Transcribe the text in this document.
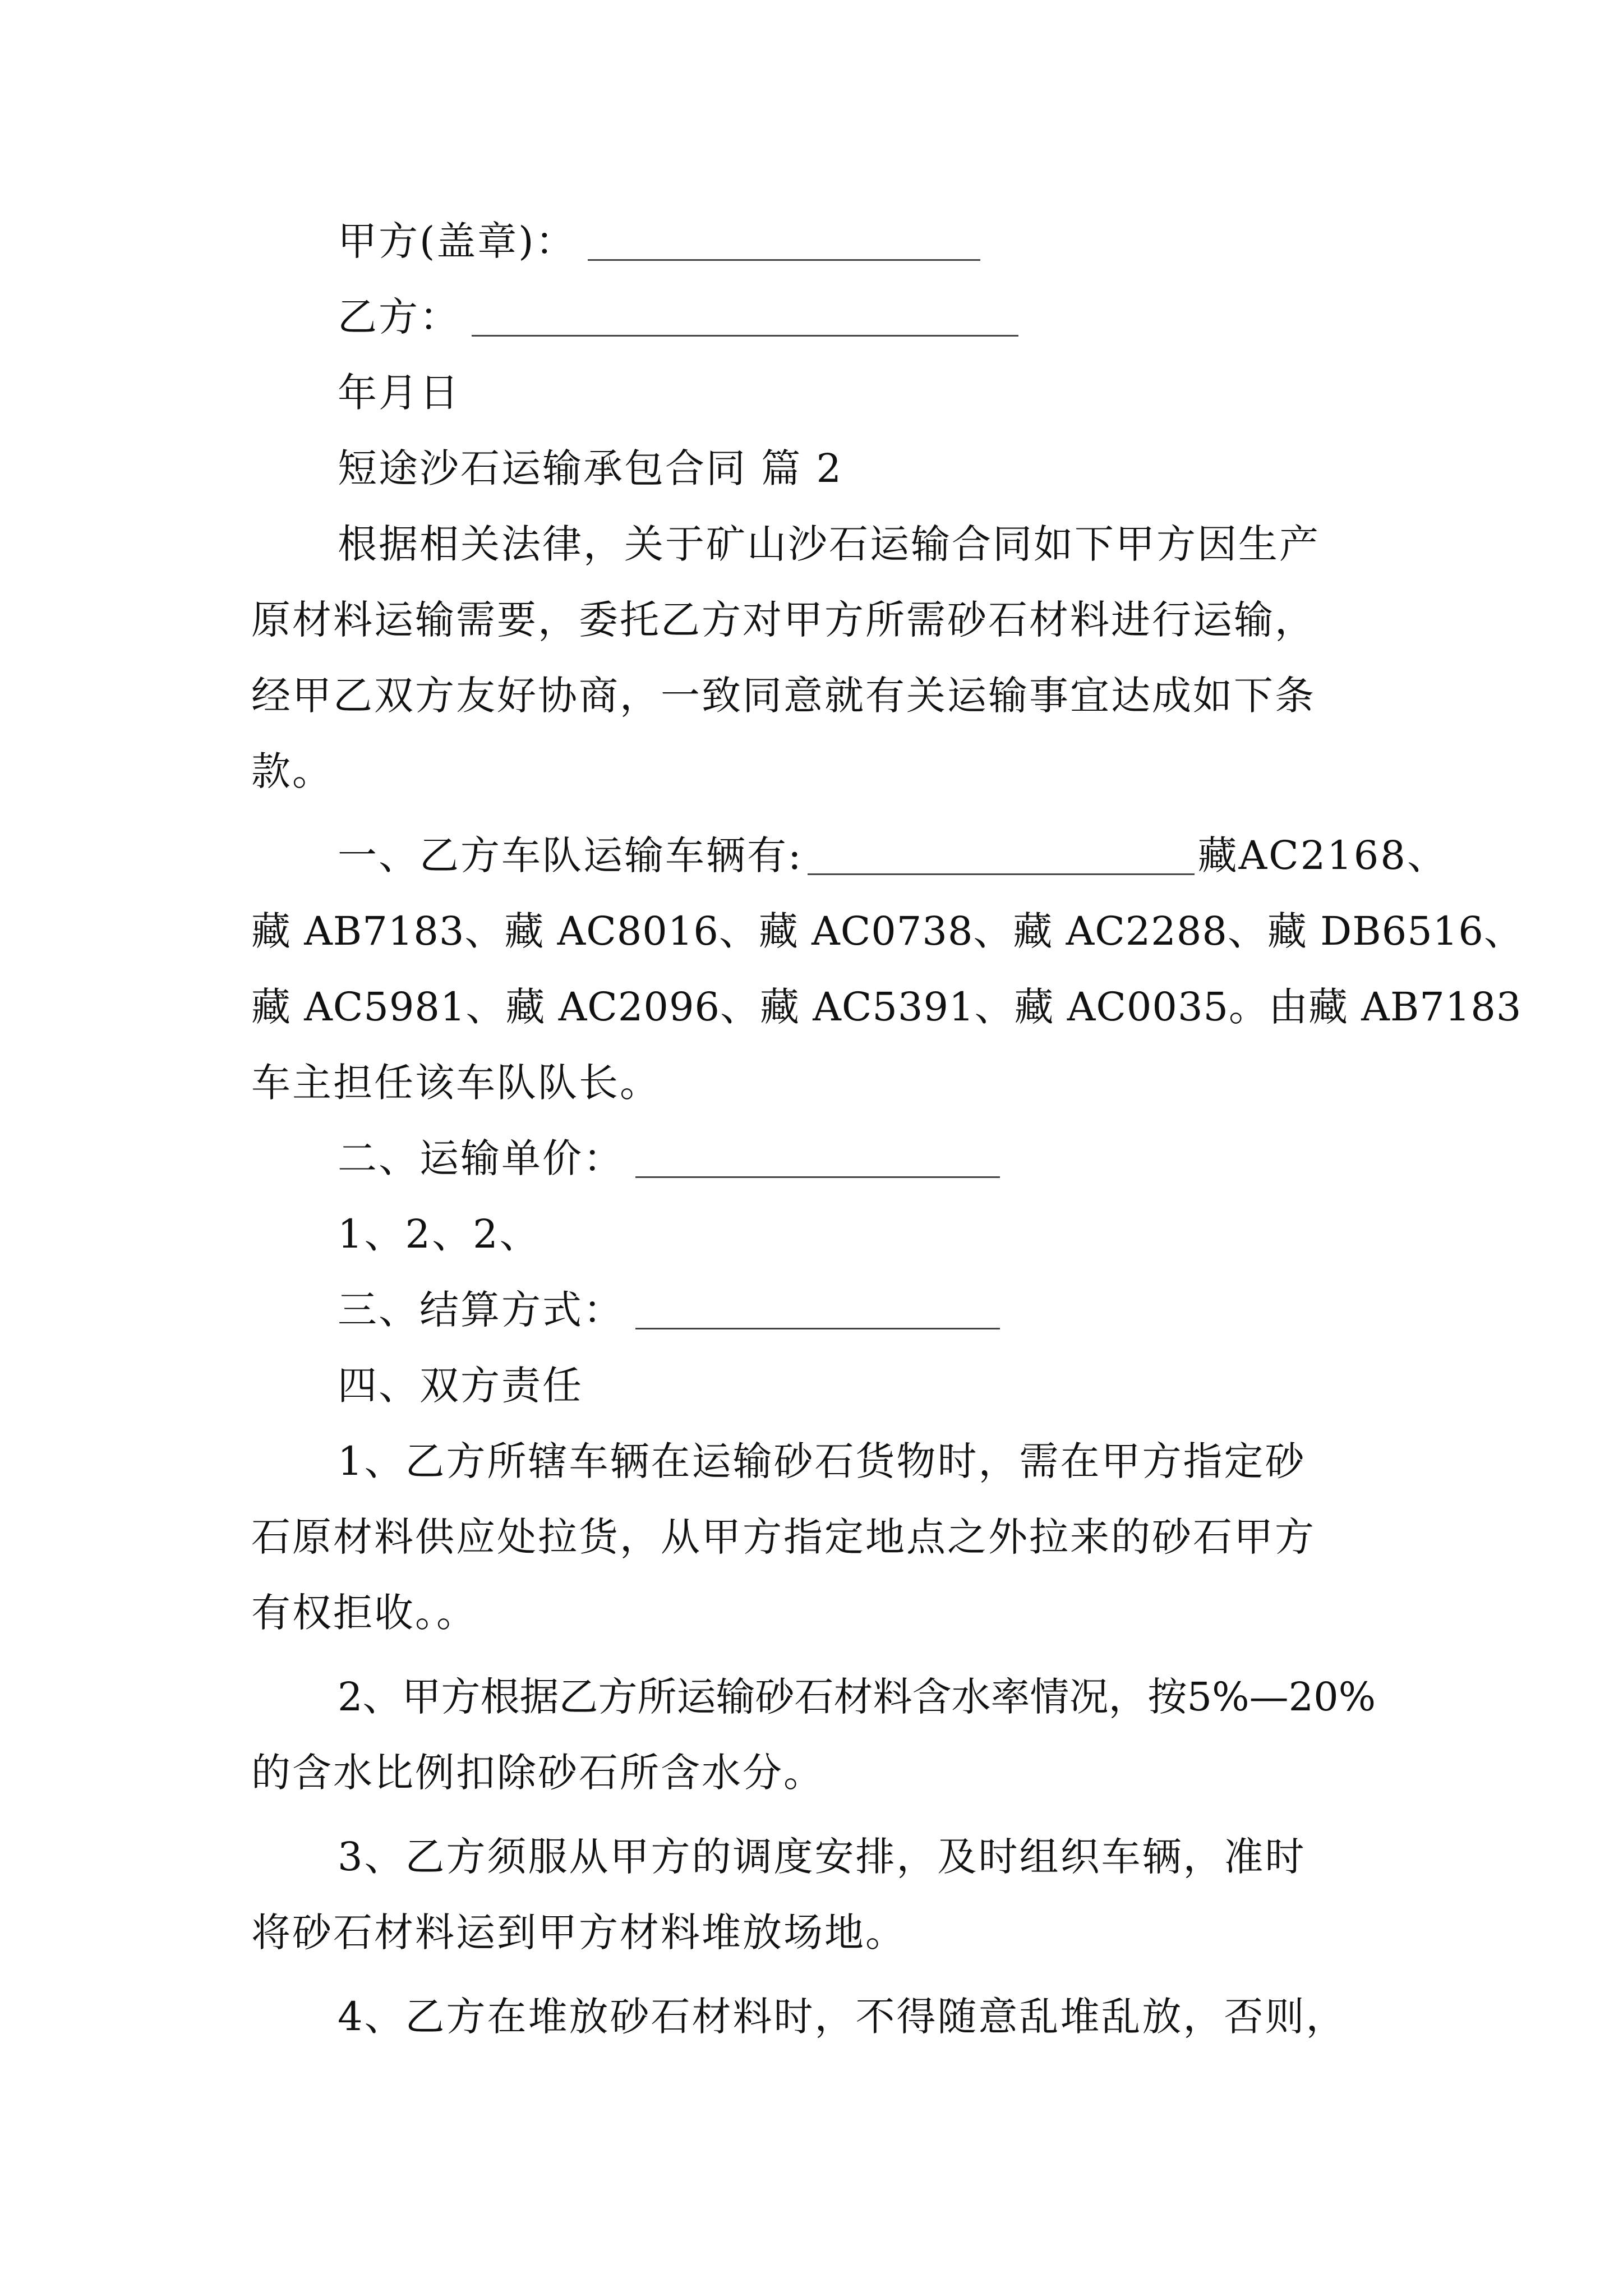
甲方(盖章)：
乙方：
年月日
短途沙石运输承包合同 篇 2
根据相关法律，关于矿山沙石运输合同如下甲方因生产
原材料运输需要，委托乙方对甲方所需砂石材料进行运输，
经甲乙双方友好协商，一致同意就有关运输事宜达成如下条
款。
一、乙方车队运输车辆有:	藏AC2168、
藏 AB7183、藏 AC8016、藏 AC0738、藏 AC2288、藏 DB6516、
藏 AC5981、藏 AC2096、藏 AC5391、藏 AC0035。由藏 AB7183
车主担任该车队队长。
二、运输单价：
1、2、2、
三、结算方式：
四、双方责任
1、乙方所辖车辆在运输砂石货物时，需在甲方指定砂
石原材料供应处拉货，从甲方指定地点之外拉来的砂石甲方
有权拒收。。
2、甲方根据乙方所运输砂石材料含水率情况，按5%—20%
的含水比例扣除砂石所含水分。
3、乙方须服从甲方的调度安排，及时组织车辆，准时
将砂石材料运到甲方材料堆放场地。
4、乙方在堆放砂石材料时，不得随意乱堆乱放，否则，
